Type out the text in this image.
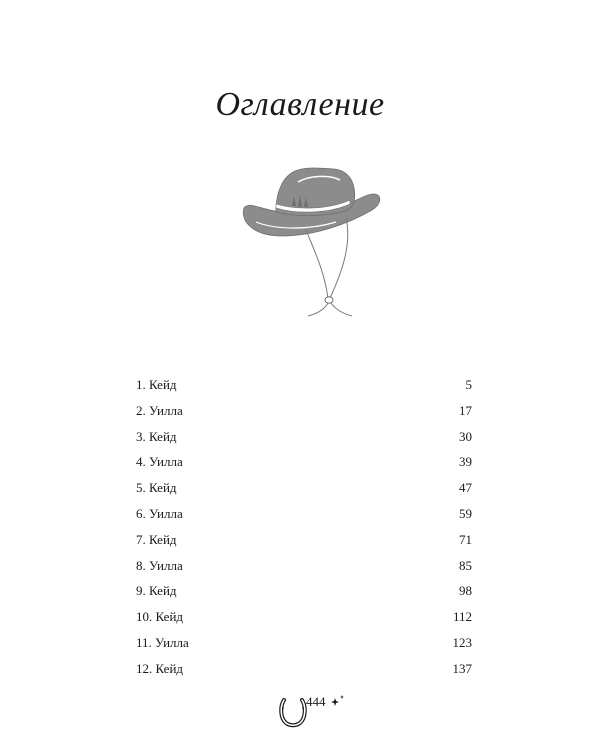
Оглавление
1. Кейд . . .	5
2. Уилла . . .	17
3. Кейд . . .	30
4. Уилла . . .	39
5. Кейд . . .	47
6. Уилла . . .	59
7. Кейд . . .	71
8. Уилла . . .	85
9. Кейд . . .	98
10. Кейд . . .	112
11. Уилла . . .	123
12. Кейд . . .	137
444
